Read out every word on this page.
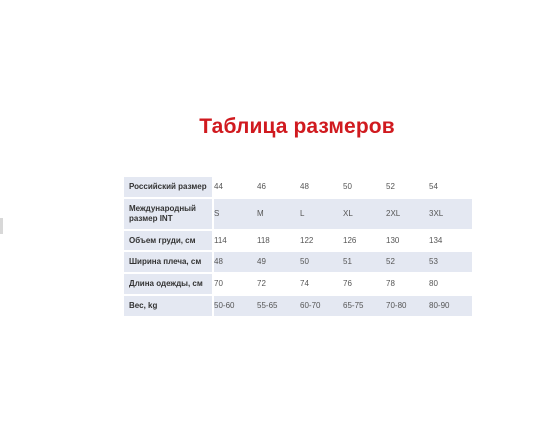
Таблица размеров
Российский размер	44	46	48	50	52	54

Международный
размер INT	S	M	L	XL	2XL	3XL
Объем груди, см	114	118	122	126	130	134
Ширина плеча, см	48	49	50	51	52	53
Длина одежды, см	70	72	74	76	78	80
Вес, kg	50-60	55-65	60-70	65-75	70-80	80-90
